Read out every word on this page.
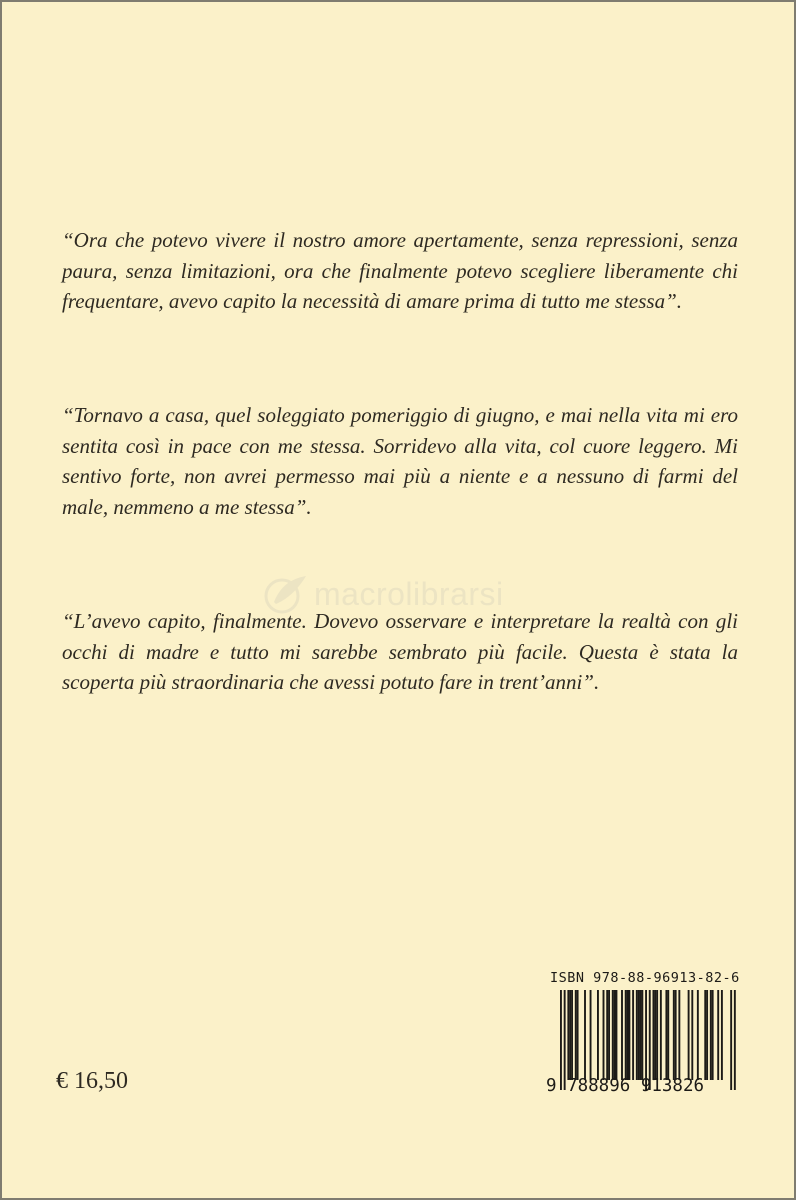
“Ora che potevo vivere il nostro amore apertamente, senza repressioni, senza paura, senza limitazioni, ora che finalmente potevo scegliere liberamente chi frequentare, avevo capito la necessità di amare prima di tutto me stessa”.

“Tornavo a casa, quel soleggiato pomeriggio di giugno, e mai nella vita mi ero sentita così in pace con me stessa. Sorridevo alla vita, col cuore leggero. Mi sentivo forte, non avrei permesso mai più a niente e a nessuno di farmi del male, nemmeno a me stessa”.

macrolibrarsi

“L’avevo capito, finalmente. Dovevo osservare e interpretare la realtà con gli occhi di madre e tutto mi sarebbe sembrato più facile. Questa è stata la scoperta più straordinaria che avessi potuto fare in trent’anni”.

€ 16,50
ISBN 978-88-96913-82-6
9 788896 913826
